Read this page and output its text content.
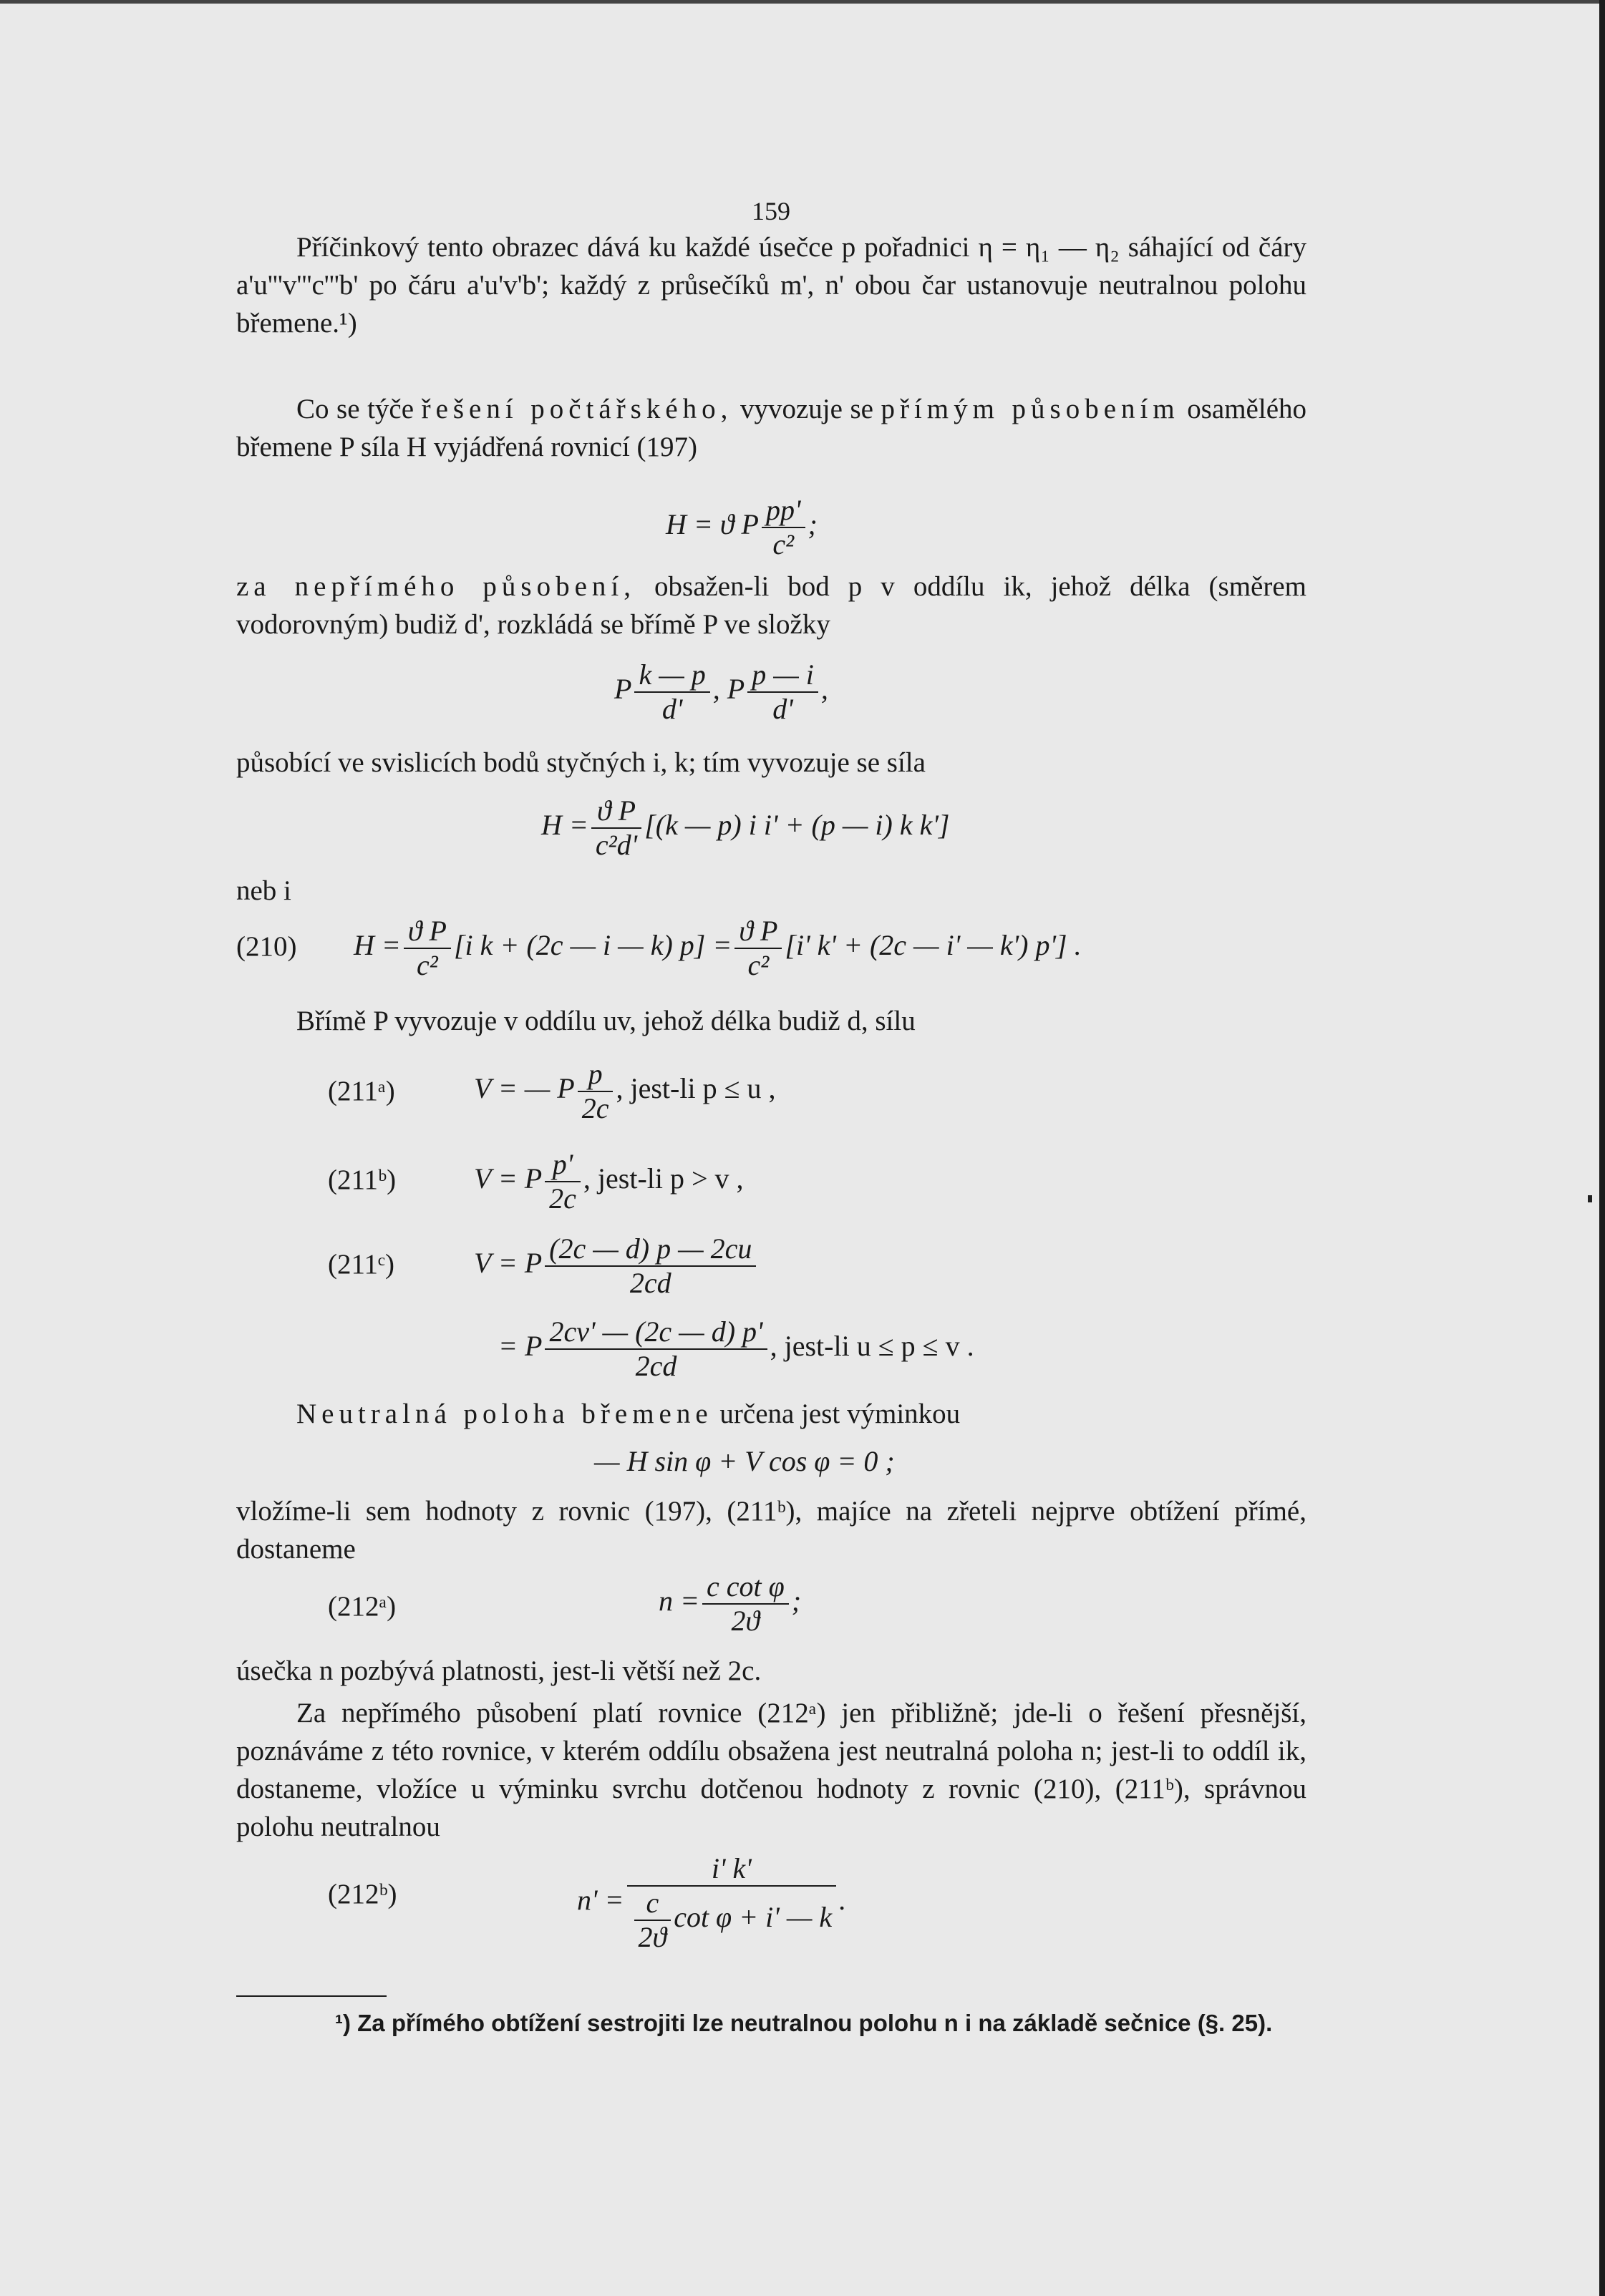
159
Příčinkový tento obrazec dává ku každé úsečce p pořadnici η = η₁ — η₂ sáhající od čáry a'u'''v'''c'''b' po čáru a'u'v'b'; každý z průsečíků m', n' obou čar ustanovuje neutralnou polohu břemene.¹)
Co se týče řešení počtářského, vyvozuje se přímým působením osamělého břemene P síla H vyjádřená rovnicí (197)
H = ϑ P $\frac{pp'}{\text{c²}}$ ;
za nepřímého působení, obsažen-li bod p v oddílu ik, jehož délka (směrem vodorovným) budiž d', rozkládá se břímě P ve složky
P $\frac{k — p}{d'}$ , P $\frac{p — i}{d'}$ ,
působící ve svislicích bodů styčných i, k; tím vyvozuje se síla
$H = \frac{\text{ϑ P}}{\text{c²d'}} [(k$ — p) i i' + (p — i) k k']
neb i
(210) $H = \frac{\text{ϑ P}}{\text{c²}} [i$ k + (2c — i — k) $p] = \frac{\text{ϑ P}}{\text{c²}} [i'$ k' + (2c — i' — k') p'] .
Břímě P vyvozuje v oddílu uv, jehož délka budiž d, sílu
(211ᵃ)	V = — P $\frac{p}{2c}$ , jest-li p ≤ u ,
(211ᵇ)	V = P $\frac{p'}{2c}$ , jest-li p > v ,
(211ᶜ)	V = P $\frac{(2c — d) p — 2cu}{2cd}$
= P $\frac{2cv' — (2c — d) p'}{2cd}$ , jest-li u ≤ p ≤ v .
Neutralná poloha břemene určena jest výminkou
— H sin φ + V cos φ = 0 ;
vložíme-li sem hodnoty z rovnic (197), (211ᵇ), majíce na zřeteli nejprve obtížení přímé, dostaneme
(212ᵃ)	$n = \frac{\text{c cot φ}}{2ϑ}$ ;
úsečka n pozbývá platnosti, jest-li větší než 2c.
Za nepřímého působení platí rovnice (212ᵃ) jen přibližně; jde-li o řešení přesnější, poznáváme z této rovnice, v kterém oddílu obsažena jest neutralná poloha n; jest-li to oddíl ik, dostaneme, vložíce u výminku svrchu dotčenou hodnoty z rovnic (210), (211ᵇ), správnou polohu neutralnou
(212ᵇ)	$n' = \frac{i' k'}{\frac{c}{2ϑ} \cot \varphi + i' — k}$ .
¹) Za přímého obtížení sestrojiti lze neutralnou polohu n i na základě sečnice (§. 25).
